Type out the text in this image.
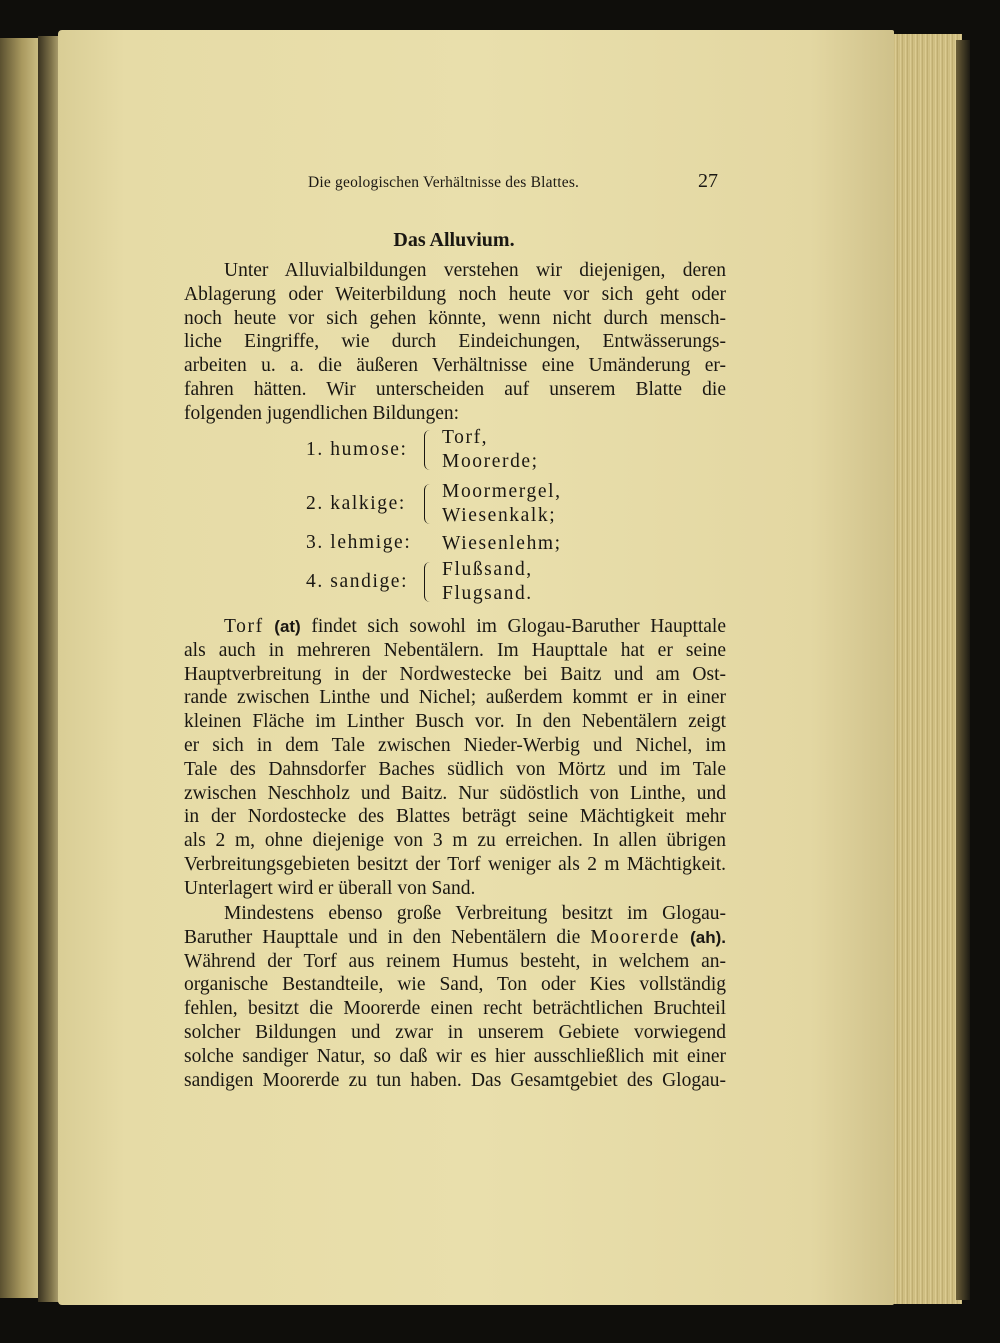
Die geologischen Verhältnisse des Blattes.	27
Das Alluvium.
Unter Alluvialbildungen verstehen wir diejenigen, deren
Ablagerung oder Weiterbildung noch heute vor sich geht oder
noch heute vor sich gehen könnte, wenn nicht durch mensch-
liche Eingriffe, wie durch Eindeichungen, Entwässerungs-
arbeiten u. a. die äußeren Verhältnisse eine Umänderung er-
fahren hätten. Wir unterscheiden auf unserem Blatte die
folgenden jugendlichen Bildungen:
1. humose:
Torf,
Moorerde;
2. kalkige:
Moormergel,
Wiesenkalk;
3. lehmige: Wiesenlehm;
4. sandige:
Flußsand,
Flugsand.
Torf (at) findet sich sowohl im Glogau-Baruther Haupttale
als auch in mehreren Nebentälern. Im Haupttale hat er seine
Hauptverbreitung in der Nordwestecke bei Baitz und am Ost-
rande zwischen Linthe und Nichel; außerdem kommt er in einer
kleinen Fläche im Linther Busch vor. In den Nebentälern zeigt
er sich in dem Tale zwischen Nieder-Werbig und Nichel, im
Tale des Dahnsdorfer Baches südlich von Mörtz und im Tale
zwischen Neschholz und Baitz. Nur südöstlich von Linthe, und
in der Nordostecke des Blattes beträgt seine Mächtigkeit mehr
als 2 m, ohne diejenige von 3 m zu erreichen. In allen übrigen
Verbreitungsgebieten besitzt der Torf weniger als 2 m Mächtigkeit.
Unterlagert wird er überall von Sand.
Mindestens ebenso große Verbreitung besitzt im Glogau-
Baruther Haupttale und in den Nebentälern die Moorerde (ah).
Während der Torf aus reinem Humus besteht, in welchem an-
organische Bestandteile, wie Sand, Ton oder Kies vollständig
fehlen, besitzt die Moorerde einen recht beträchtlichen Bruchteil
solcher Bildungen und zwar in unserem Gebiete vorwiegend
solche sandiger Natur, so daß wir es hier ausschließlich mit einer
sandigen Moorerde zu tun haben. Das Gesamtgebiet des Glogau-
